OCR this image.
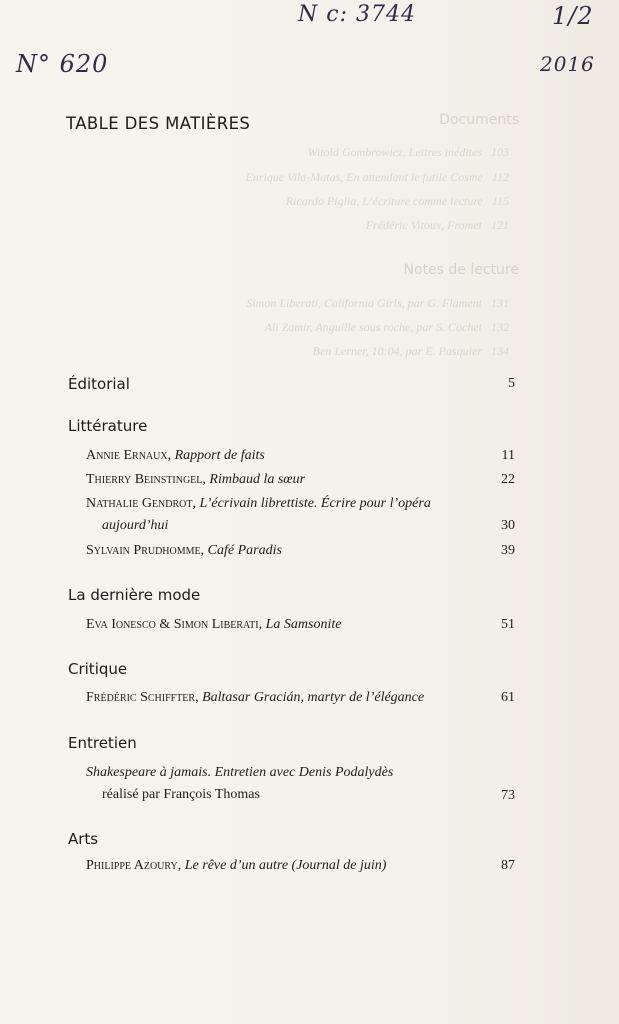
Documents
Witold Gombrowicz, Lettres inédites   103
Enrique Vila-Matas, En attendant le futile Cosme   112
Ricardo Piglia, L’écriture comme lecture   115
Frédéric Vitoux, Fromet   121
Notes de lecture
Simon Liberati, California Girls, par G. Flament   131
Ali Zamir, Anguille sous roche, par S. Cochet   132
Ben Lerner, 10:04, par E. Pasquier   134
N c: 3744	1/2
N° 620	2016
TABLE DES MATIÈRES
Éditorial	5
Littérature
Annie Ernaux, Rapport de faits	11
Thierry Beinstingel, Rimbaud la sœur	22
Nathalie Gendrot, L’écrivain librettiste. Écrire pour l’opéra
aujourd’hui	30
Sylvain Prudhomme, Café Paradis	39
La dernière mode
Eva Ionesco & Simon Liberati, La Samsonite	51
Critique
Frédéric Schiffter, Baltasar Gracián, martyr de l’élégance	61
Entretien
Shakespeare à jamais. Entretien avec Denis Podalydès
réalisé par François Thomas	73
Arts
Philippe Azoury, Le rêve d’un autre (Journal de juin)	87
